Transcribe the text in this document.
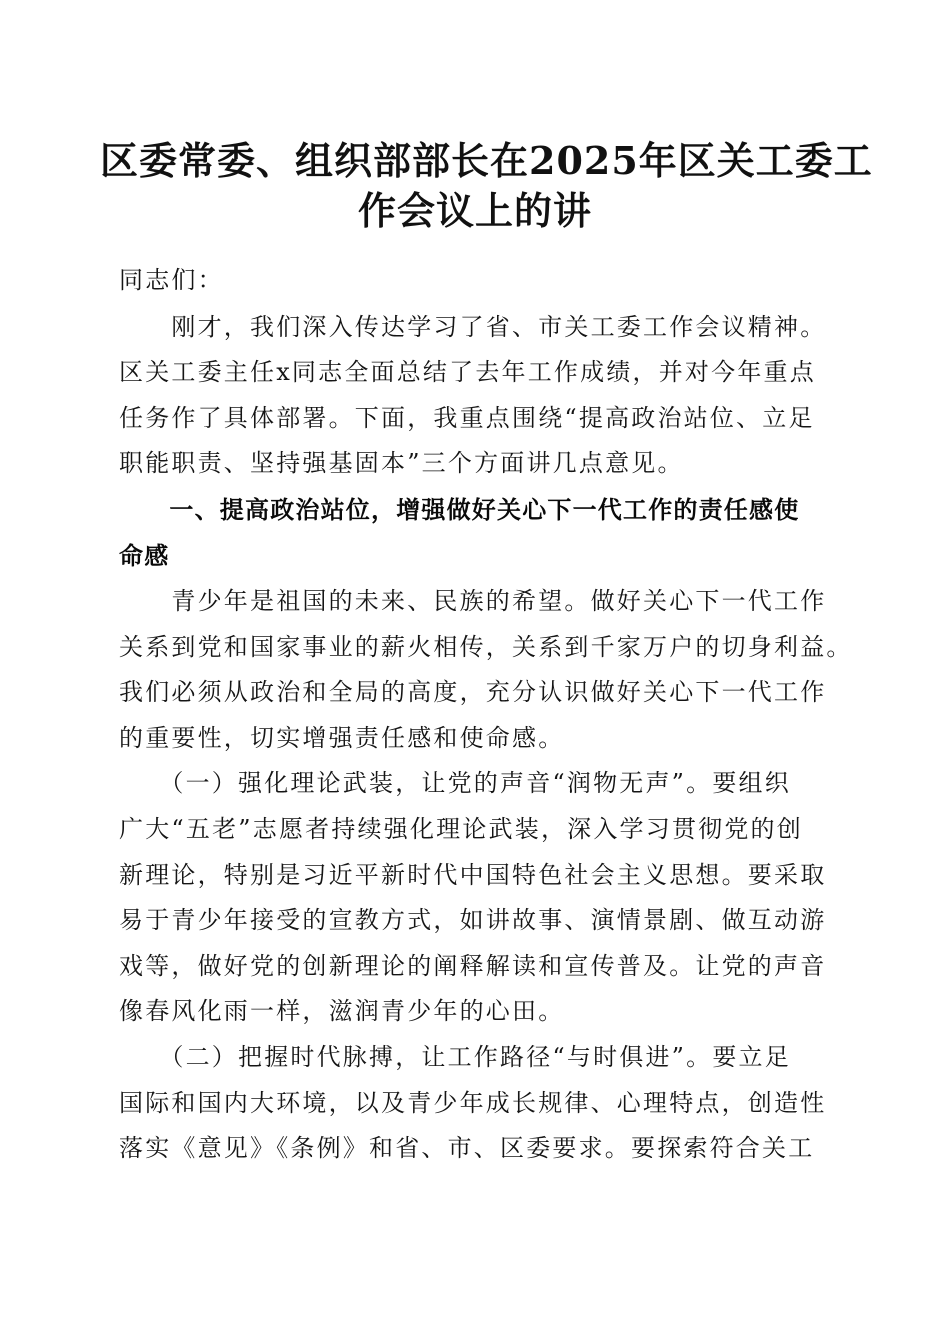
区委常委、组织部部长在2025年区关工委工
作会议上的讲

同志们：

　　刚才，我们深入传达学习了省、市关工委工作会议精神。
区关工委主任x同志全面总结了去年工作成绩，并对今年重点
任务作了具体部署。下面，我重点围绕“提高政治站位、立足
职能职责、坚持强基固本”三个方面讲几点意见。

　　一、提高政治站位，增强做好关心下一代工作的责任感使
命感

　　青少年是祖国的未来、民族的希望。做好关心下一代工作
关系到党和国家事业的薪火相传，关系到千家万户的切身利益。
我们必须从政治和全局的高度，充分认识做好关心下一代工作
的重要性，切实增强责任感和使命感。

　　（一）强化理论武装，让党的声音“润物无声”。要组织
广大“五老”志愿者持续强化理论武装，深入学习贯彻党的创
新理论，特别是习近平新时代中国特色社会主义思想。要采取
易于青少年接受的宣教方式，如讲故事、演情景剧、做互动游
戏等，做好党的创新理论的阐释解读和宣传普及。让党的声音
像春风化雨一样，滋润青少年的心田。

　　（二）把握时代脉搏，让工作路径“与时俱进”。要立足
国际和国内大环境，以及青少年成长规律、心理特点，创造性
落实《意见》《条例》和省、市、区委要求。要探索符合关工
